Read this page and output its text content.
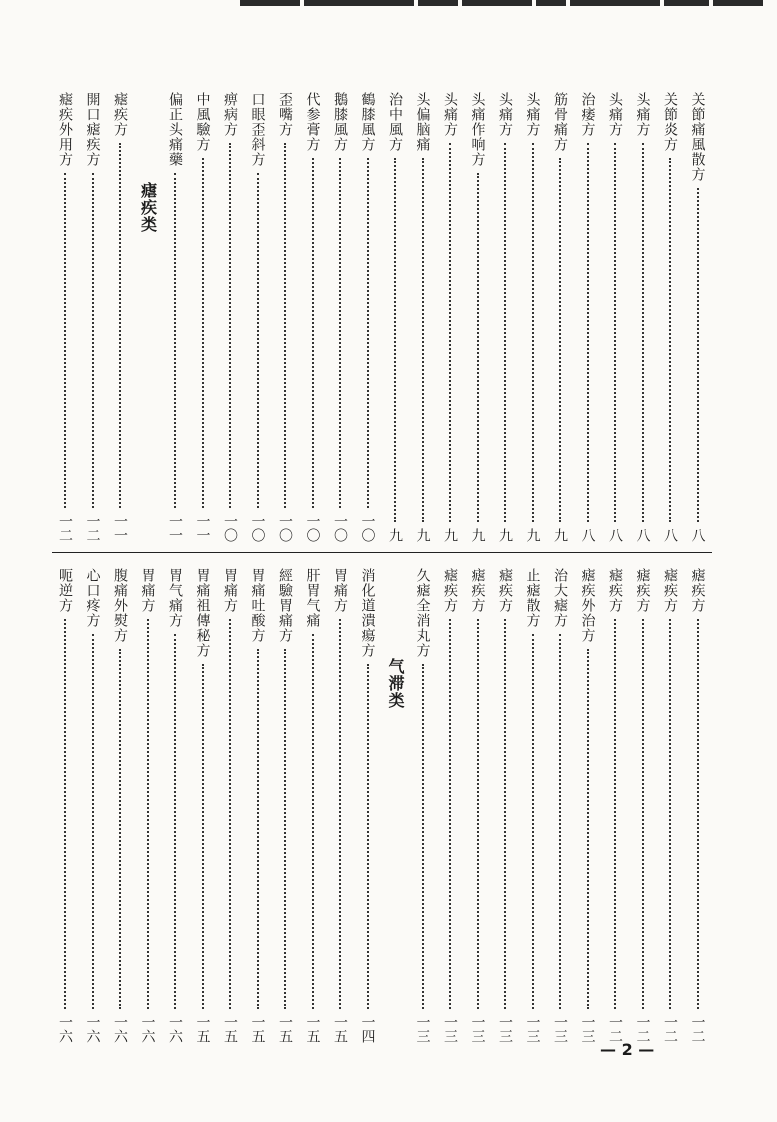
关節痛風散方
八
关節炎方
八
头痛方
八
头痛方
八
治痿方
八
筋骨痛方
九
头痛方
九
头痛方
九
头痛作响方
九
头痛方
九
头偏脑痛
九
治中風方
九
鶴膝風方
一〇
鵝膝風方
一〇
代参膏方
一〇
歪嘴方
一〇
口眼歪斜方
一〇
痹病方
一〇
中風驗方
一一
偏正头痛藥
一一
瘧疾类
瘧疾方
一一
開口瘧疾方
一二
瘧疾外用方
一二
瘧疾方
一二
瘧疾方
一二
瘧疾方
一二
瘧疾方
一二
瘧疾外治方
一三
治大瘧方
一三
止瘧散方
一三
瘧疾方
一三
瘧疾方
一三
瘧疾方
一三
久瘧全消丸方
一三
气滞类
消化道潰瘍方
一四
胃痛方
一五
肝胃气痛
一五
經驗胃痛方
一五
胃痛吐酸方
一五
胃痛方
一五
胃痛祖傳秘方
一五
胃气痛方
一六
胃痛方
一六
腹痛外熨方
一六
心口疼方
一六
呃逆方
一六
— 2 —
